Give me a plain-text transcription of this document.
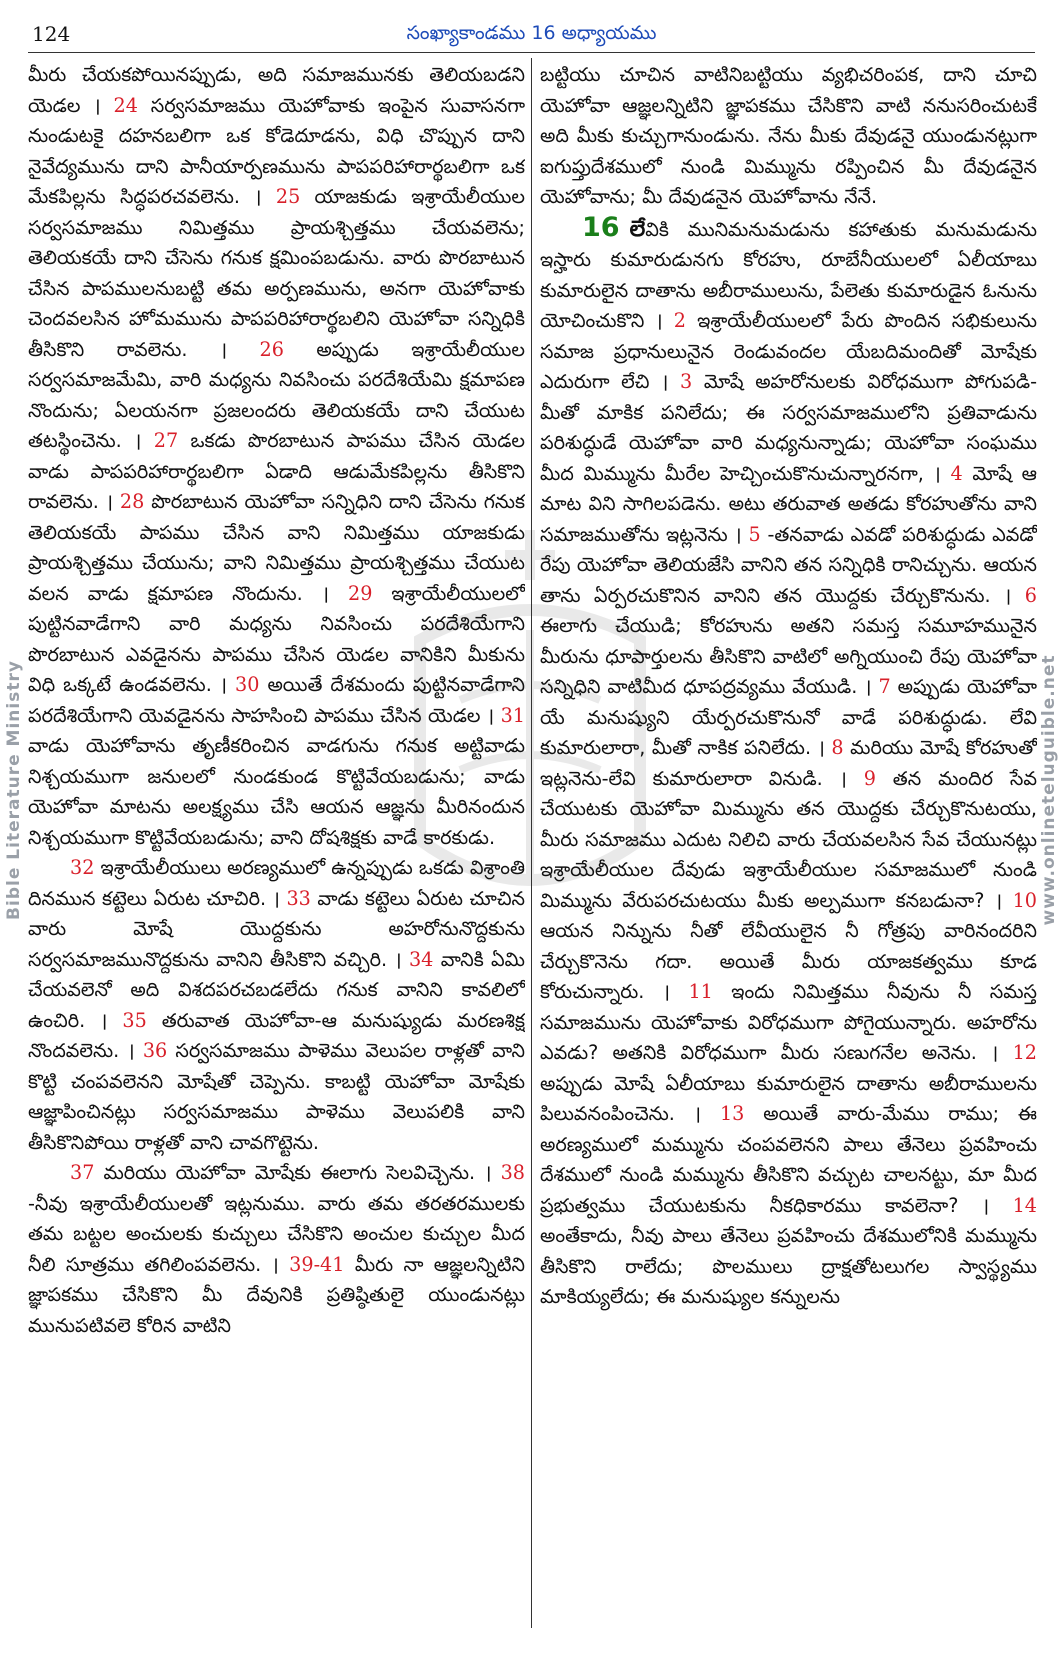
124	సంఖ్యాకాండము 16 అధ్యాయము
Bible Literature Ministry	www.onlineteluguible.net
మీరు చేయకపోయినప్పుడు, అది సమాజమునకు తెలియబడని యెడల । 24 సర్వసమాజము యెహోవాకు ఇంపైన సువాసనగా నుండుటకై దహనబలిగా ఒక కోడెదూడను, విధి చొప్పున దాని నైవేద్యమును దాని పానీయార్పణమును పాపపరిహారార్థబలిగా ఒక మేకపిల్లను సిద్ధపరచవలెను. । 25 యాజకుడు ఇశ్రాయేలీయుల సర్వసమాజము నిమిత్తము ప్రాయశ్చిత్తము చేయవలెను; తెలియకయే దాని చేసెను గనుక క్షమింపబడును. వారు పొరబాటున చేసిన పాపములనుబట్టి తమ అర్పణమును, అనగా యెహోవాకు చెందవలసిన హోమమును పాపపరిహారార్థబలిని యెహోవా సన్నిధికి తీసికొని రావలెను. । 26 అప్పుడు ఇశ్రాయేలీయుల సర్వసమాజమేమి, వారి మధ్యను నివసించు పరదేశియేమి క్షమాపణ నొందును; ఏలయనగా ప్రజలందరు తెలియకయే దాని చేయుట తటస్థించెను. । 27 ఒకడు పొరబాటున పాపము చేసిన యెడల వాడు పాపపరిహారార్థబలిగా ఏడాది ఆడుమేకపిల్లను తీసికొని రావలెను. । 28 పొరబాటున యెహోవా సన్నిధిని దాని చేసెను గనుక తెలియకయే పాపము చేసిన వాని నిమిత్తము యాజకుడు ప్రాయశ్చిత్తము చేయును; వాని నిమిత్తము ప్రాయశ్చిత్తము చేయుట వలన వాడు క్షమాపణ నొందును. । 29 ఇశ్రాయేలీయులలో పుట్టినవాడేగాని వారి మధ్యను నివసించు పరదేశియేగాని పొరబాటున ఎవడైనను పాపము చేసిన యెడల వానికిని మీకును విధి ఒక్కటే ఉండవలెను. । 30 అయితే దేశమందు పుట్టినవాడేగాని పరదేశియేగాని యెవడైనను సాహసించి పాపము చేసిన యెడల । 31 వాడు యెహోవాను తృణీకరించిన వాడగును గనుక అట్టివాడు నిశ్చయముగా జనులలో నుండకుండ కొట్టివేయబడును; వాడు యెహోవా మాటను అలక్ష్యము చేసి ఆయన ఆజ్ఞను మీరినందున నిశ్చయముగా కొట్టివేయబడును; వాని దోషశిక్షకు వాడే కారకుడు.
32 ఇశ్రాయేలీయులు అరణ్యములో ఉన్నప్పుడు ఒకడు విశ్రాంతి దినమున కట్టెలు ఏరుట చూచిరి. । 33 వాడు కట్టెలు ఏరుట చూచిన వారు మోషే యొద్దకును అహరోనునొద్దకును సర్వసమాజమునొద్దకును వానిని తీసికొని వచ్చిరి. । 34 వానికి ఏమి చేయవలెనో అది విశదపరచబడలేదు గనుక వానిని కావలిలో ఉంచిరి. । 35 తరువాత యెహోవా-ఆ మనుష్యుడు మరణశిక్ష నొందవలెను. । 36 సర్వసమాజము పాళెము వెలుపల రాళ్లతో వాని కొట్టి చంపవలెనని మోషేతో చెప్పెను. కాబట్టి యెహోవా మోషేకు ఆజ్ఞాపించినట్లు సర్వసమాజము పాళెము వెలుపలికి వాని తీసికొనిపోయి రాళ్లతో వాని చావగొట్టెను.
37 మరియు యెహోవా మోషేకు ఈలాగు సెలవిచ్చెను. । 38 -నీవు ఇశ్రాయేలీయులతో ఇట్లనుము. వారు తమ తరతరములకు తమ బట్టల అంచులకు కుచ్చులు చేసికొని అంచుల కుచ్చుల మీద నీలి సూత్రము తగిలింపవలెను. । 39-41 మీరు నా ఆజ్ఞలన్నిటిని జ్ఞాపకము చేసికొని మీ దేవునికి ప్రతిష్ఠితులై యుండునట్లు మునుపటివలె కోరిన వాటిని
బట్టియు చూచిన వాటినిబట్టియు వ్యభిచరింపక, దాని చూచి యెహోవా ఆజ్ఞలన్నిటిని జ్ఞాపకము చేసికొని వాటి ననుసరించుటకే అది మీకు కుచ్చుగానుండును. నేను మీకు దేవుడనై యుండునట్లుగా ఐగుప్తుదేశములో నుండి మిమ్మును రప్పించిన మీ దేవుడనైన యెహోవాను; మీ దేవుడనైన యెహోవాను నేనే.
16 లేవికి మునిమనుమడును కహాతుకు మనుమడును ఇస్హారు కుమారుడునగు కోరహు, రూబేనీయులలో ఏలీయాబు కుమారులైన దాతాను అబీరాములును, పేలెతు కుమారుడైన ఓనును యోచించుకొని । 2 ఇశ్రాయేలీయులలో పేరు పొందిన సభికులును సమాజ ప్రధానులునైన రెండువందల యేబదిమందితో మోషేకు ఎదురుగా లేచి । 3 మోషే అహరోనులకు విరోధముగా పోగుపడి-మీతో మాకిక పనిలేదు; ఈ సర్వసమాజములోని ప్రతివాడును పరిశుద్ధుడే యెహోవా వారి మధ్యనున్నాడు; యెహోవా సంఘము మీద మిమ్మును మీరేల హెచ్చించుకొనుచున్నారనగా, । 4 మోషే ఆ మాట విని సాగిలపడెను. అటు తరువాత అతడు కోరహుతోను వాని సమాజముతోను ఇట్లనెను । 5 -తనవాడు ఎవడో పరిశుద్ధుడు ఎవడో రేపు యెహోవా తెలియజేసి వానిని తన సన్నిధికి రానిచ్చును. ఆయన తాను ఏర్పరచుకొనిన వానిని తన యొద్దకు చేర్చుకొనును. । 6 ఈలాగు చేయుడి; కోరహును అతని సమస్త సమూహమునైన మీరును ధూపార్తులను తీసికొని వాటిలో అగ్నియుంచి రేపు యెహోవా సన్నిధిని వాటిమీద ధూపద్రవ్యము వేయుడి. । 7 అప్పుడు యెహోవా యే మనుష్యుని యేర్పరచుకొనునో వాడే పరిశుద్ధుడు. లేవి కుమారులారా, మీతో నాకిక పనిలేదు. । 8 మరియు మోషే కోరహుతో ఇట్లనెను-లేవి కుమారులారా వినుడి. । 9 తన మందిర సేవ చేయుటకు యెహోవా మిమ్మును తన యొద్దకు చేర్చుకొనుటయు, మీరు సమాజము ఎదుట నిలిచి వారు చేయవలసిన సేవ చేయునట్లు ఇశ్రాయేలీయుల దేవుడు ఇశ్రాయేలీయుల సమాజములో నుండి మిమ్మును వేరుపరచుటయు మీకు అల్పముగా కనబడునా? । 10 ఆయన నిన్నును నీతో లేవీయులైన నీ గోత్రపు వారినందరిని చేర్చుకొనెను గదా. అయితే మీరు యాజకత్వము కూడ కోరుచున్నారు. । 11 ఇందు నిమిత్తము నీవును నీ సమస్త సమాజమును యెహోవాకు విరోధముగా పోగైయున్నారు. అహరోను ఎవడు? అతనికి విరోధముగా మీరు సణుగనేల అనెను. । 12 అప్పుడు మోషే ఏలీయాబు కుమారులైన దాతాను అబీరాములను పిలువనంపించెను. । 13 అయితే వారు-మేము రాము; ఈ అరణ్యములో మమ్మును చంపవలెనని పాలు తేనెలు ప్రవహించు దేశములో నుండి మమ్మును తీసికొని వచ్చుట చాలనట్టు, మా మీద ప్రభుత్వము చేయుటకును నీకధికారము కావలెనా? । 14 అంతేకాదు, నీవు పాలు తేనెలు ప్రవహించు దేశములోనికి మమ్మును తీసికొని రాలేదు; పొలములు ద్రాక్షతోటలుగల స్వాస్థ్యము మాకియ్యలేదు; ఈ మనుష్యుల కన్నులను
